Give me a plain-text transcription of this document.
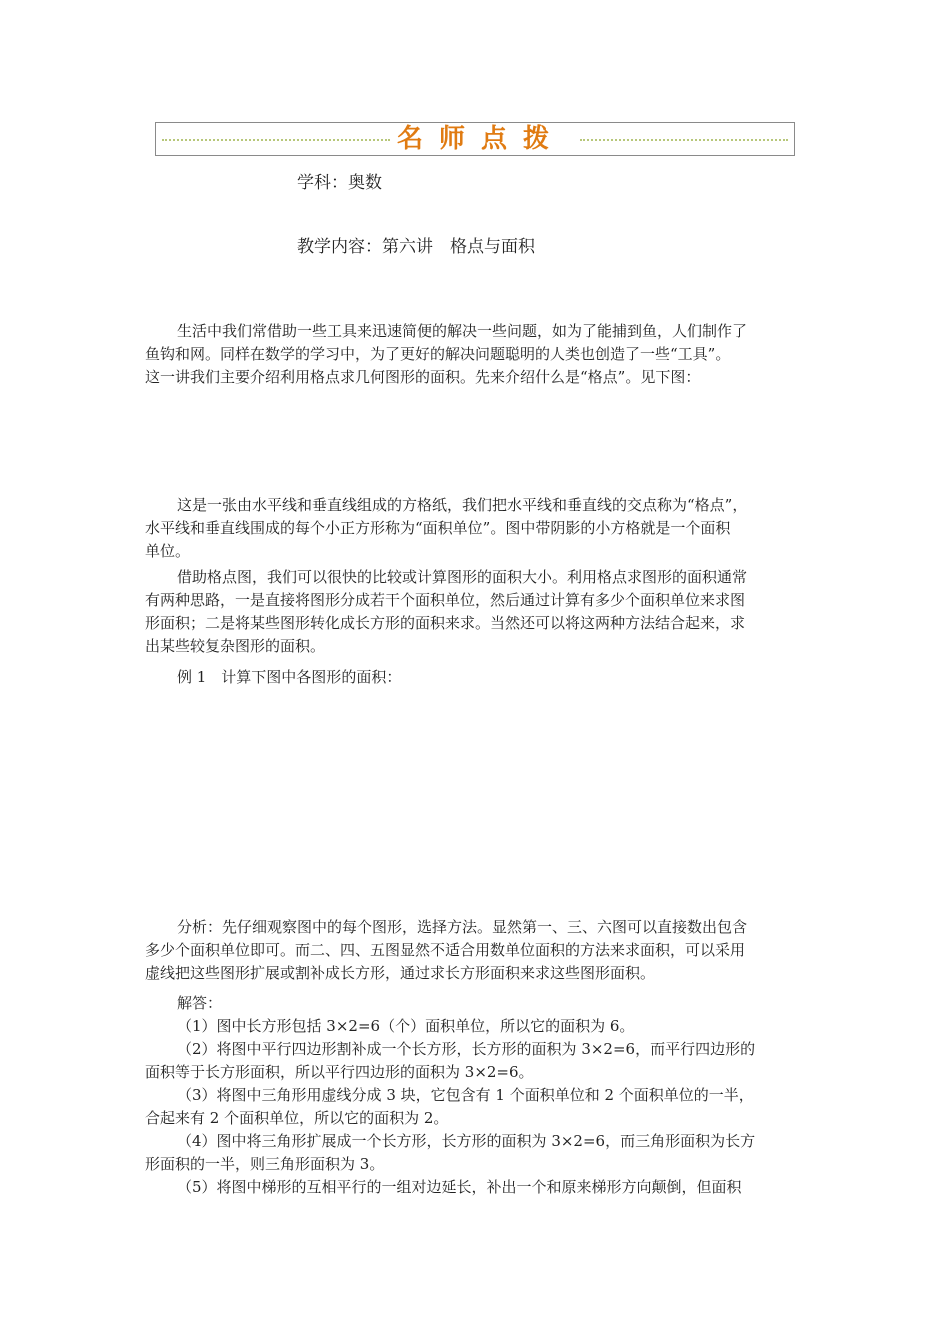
名师点拨
学科：奥数
教学内容：第六讲　格点与面积

生活中我们常借助一些工具来迅速简便的解决一些问题，如为了能捕到鱼，人们制作了
鱼钩和网。同样在数学的学习中，为了更好的解决问题聪明的人类也创造了一些“工具”。
这一讲我们主要介绍利用格点求几何图形的面积。先来介绍什么是“格点”。见下图：

这是一张由水平线和垂直线组成的方格纸，我们把水平线和垂直线的交点称为“格点”，
水平线和垂直线围成的每个小正方形称为“面积单位”。图中带阴影的小方格就是一个面积
单位。

借助格点图，我们可以很快的比较或计算图形的面积大小。利用格点求图形的面积通常
有两种思路，一是直接将图形分成若干个面积单位，然后通过计算有多少个面积单位来求图
形面积；二是将某些图形转化成长方形的面积来求。当然还可以将这两种方法结合起来，求
出某些较复杂图形的面积。

例 1　计算下图中各图形的面积：

分析：先仔细观察图中的每个图形，选择方法。显然第一、三、六图可以直接数出包含
多少个面积单位即可。而二、四、五图显然不适合用数单位面积的方法来求面积，可以采用
虚线把这些图形扩展或割补成长方形，通过求长方形面积来求这些图形面积。

解答：
（1）图中长方形包括 3×2=6（个）面积单位，所以它的面积为 6。
（2）将图中平行四边形割补成一个长方形，长方形的面积为 3×2=6，而平行四边形的
面积等于长方形面积，所以平行四边形的面积为 3×2=6。
（3）将图中三角形用虚线分成 3 块，它包含有 1 个面积单位和 2 个面积单位的一半，
合起来有 2 个面积单位，所以它的面积为 2。
（4）图中将三角形扩展成一个长方形，长方形的面积为 3×2=6，而三角形面积为长方
形面积的一半，则三角形面积为 3。
（5）将图中梯形的互相平行的一组对边延长，补出一个和原来梯形方向颠倒，但面积
